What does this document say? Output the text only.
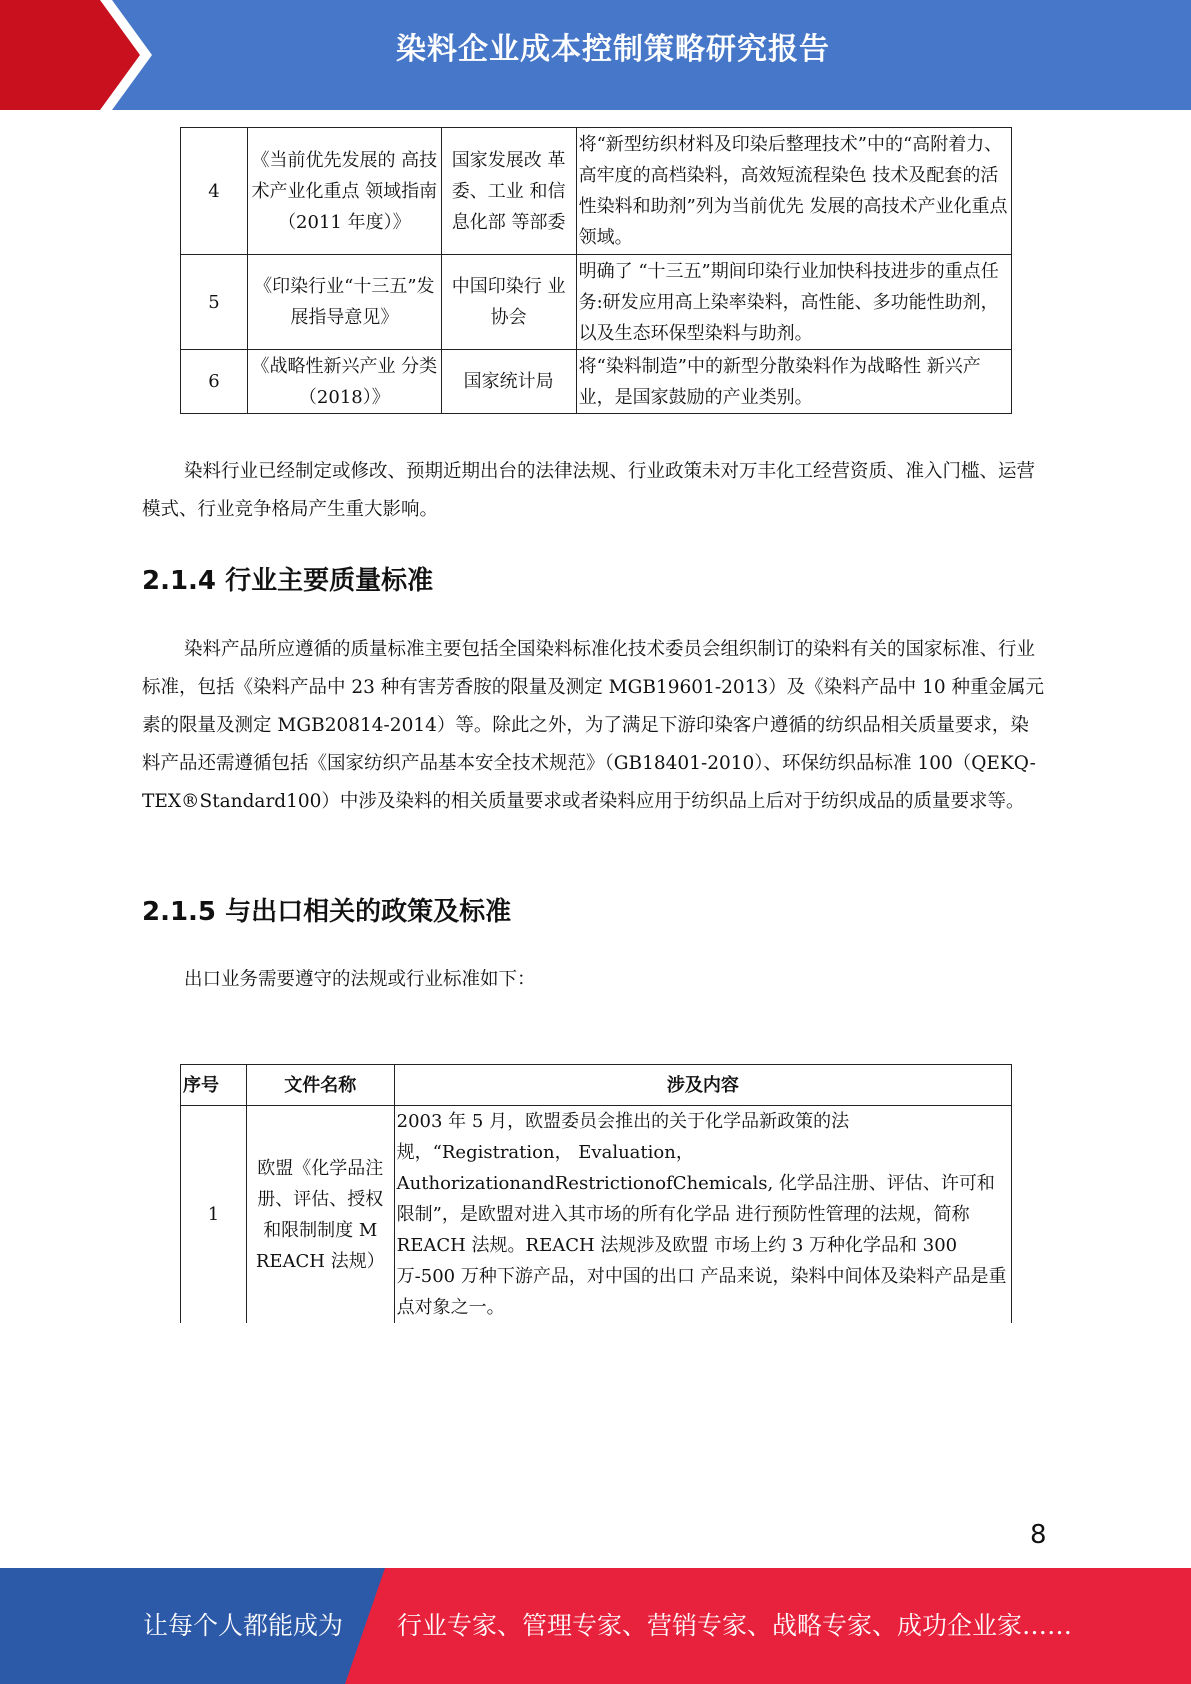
染料企业成本控制策略研究报告
4	《当前优先发展的 高技术产业化重点 领域指南（2011 年度）》	国家发展改 革委、工业 和信息化部 等部委	将“新型纺织材料及印染后整理技术”中的“高附着力、高牢度的高档染料，高效短流程染色 技术及配套的活性染料和助剂”列为当前优先 发展的高技术产业化重点领域。
5	《印染行业“十三五”发展指导意见》	中国印染行 业协会	明确了 “十三五”期间印染行业加快科技进步的重点任务:研发应用高上染率染料，高性能、多功能性助剂，以及生态环保型染料与助剂。
6	《战略性新兴产业 分类（2018）》	国家统计局	将“染料制造”中的新型分散染料作为战略性 新兴产业，是国家鼓励的产业类别。

染料行业已经制定或修改、预期近期出台的法律法规、行业政策未对万丰化工经营资质、准入门槛、运营模式、行业竞争格局产生重大影响。

2.1.4 行业主要质量标准

染料产品所应遵循的质量标准主要包括全国染料标准化技术委员会组织制订的染料有关的国家标准、行业标准，包括《染料产品中 23 种有害芳香胺的限量及测定 MGB19601-2013）及《染料产品中 10 种重金属元素的限量及测定 MGB20814-2014）等。除此之外，为了满足下游印染客户遵循的纺织品相关质量要求，染料产品还需遵循包括《国家纺织产品基本安全技术规范》（GB18401-2010）、环保纺织品标准 100（QEKQ-TEX®Standard100）中涉及染料的相关质量要求或者染料应用于纺织品上后对于纺织成品的质量要求等。

2.1.5 与出口相关的政策及标准

出口业务需要遵守的法规或行业标准如下：

序号	文件名称	涉及内容
1	欧盟《化学品注册、评估、授权和限制制度 M REACH 法规）	2003 年 5 月，欧盟委员会推出的关于化学品新政策的法规，“Registration， Evaluation， AuthorizationandRestrictionofChemicals, 化学品注册、评估、许可和限制”，是欧盟对进入其市场的所有化学品 进行预防性管理的法规，简称 REACH 法规。REACH 法规涉及欧盟 市场上约 3 万种化学品和 300 万-500 万种下游产品，对中国的出口 产品来说，染料中间体及染料产品是重点对象之一。
8
让每个人都能成为 行业专家、管理专家、营销专家、战略专家、成功企业家……
